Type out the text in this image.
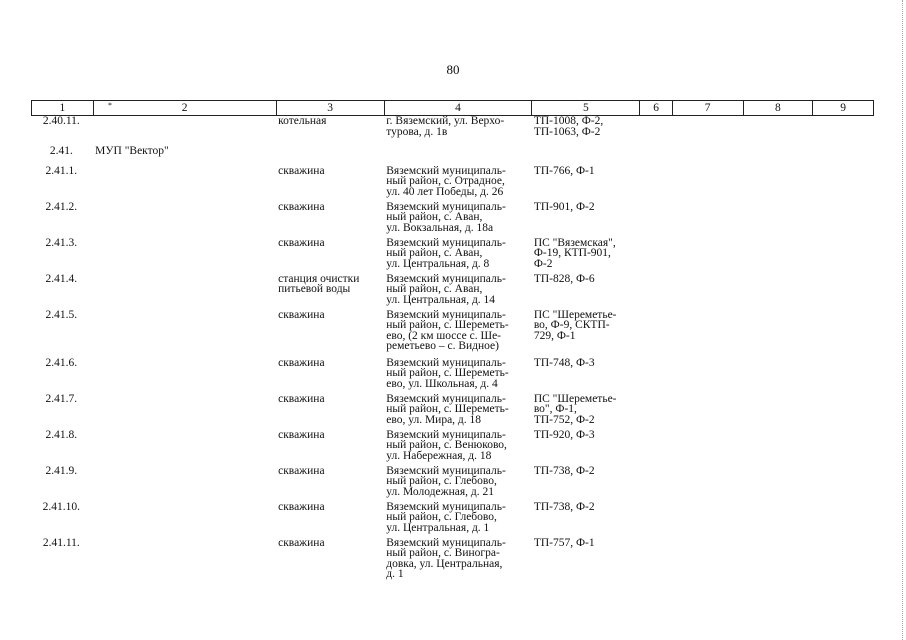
80
*
1	2	3	4	5	6	7	8	9
2.40.11.		котельная	г. Вяземский, ул. Верхо-
турова, д. 1в	ТП-1008, Ф-2,
ТП-1063, Ф-2				
2.41.	МУП "Вектор"							
2.41.1.		скважина	Вяземский муниципаль-
ный район, с. Отрадное,
ул. 40 лет Победы, д. 26	ТП-766, Ф-1				
2.41.2.		скважина	Вяземский муниципаль-
ный район, с. Аван,
ул. Вокзальная, д. 18а	ТП-901, Ф-2				
2.41.3.		скважина	Вяземский муниципаль-
ный район, с. Аван,
ул. Центральная, д. 8	ПС "Вяземская",
Ф-19, КТП-901,
Ф-2				
2.41.4.		станция очистки
питьевой воды	Вяземский муниципаль-
ный район, с. Аван,
ул. Центральная, д. 14	ТП-828, Ф-6				
2.41.5.		скважина	Вяземский муниципаль-
ный район, с. Шереметь-
ево, (2 км шоссе с. Ше-
реметьево – с. Видное)	ПС "Шереметье-
во, Ф-9, СКТП-
729, Ф-1				
2.41.6.		скважина	Вяземский муниципаль-
ный район, с. Шереметь-
ево, ул. Школьная, д. 4	ТП-748, Ф-3				
2.41.7.		скважина	Вяземский муниципаль-
ный район, с. Шереметь-
ево, ул. Мира, д. 18	ПС "Шереметье-
во", Ф-1,
ТП-752, Ф-2				
2.41.8.		скважина	Вяземский муниципаль-
ный район, с. Венюково,
ул. Набережная, д. 18	ТП-920, Ф-3				
2.41.9.		скважина	Вяземский муниципаль-
ный район, с. Глебово,
ул. Молодежная, д. 21	ТП-738, Ф-2				
2.41.10.		скважина	Вяземский муниципаль-
ный район, с. Глебово,
ул. Центральная, д. 1	ТП-738, Ф-2				
2.41.11.		скважина	Вяземский муниципаль-
ный район, с. Виногра-
довка, ул. Центральная,
д. 1	ТП-757, Ф-1				
